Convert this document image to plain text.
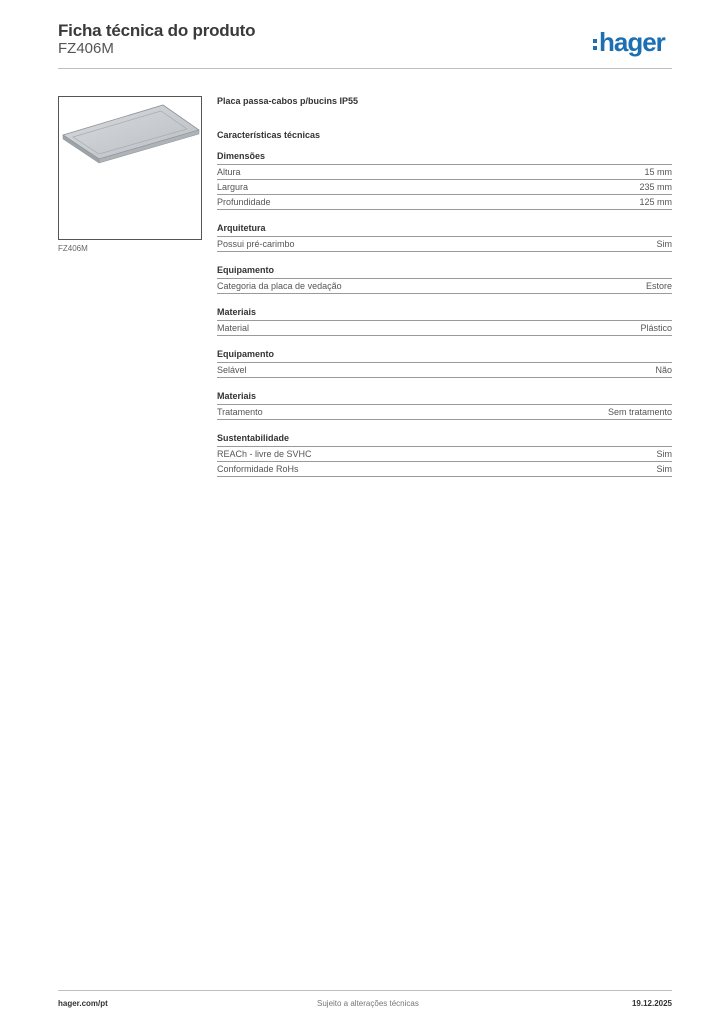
Ficha técnica do produto
FZ406M	hager
FZ406M
Placa passa-cabos p/bucins IP55
Características técnicas
Dimensões
Altura	15 mm
Largura	235 mm
Profundidade	125 mm
Arquitetura
Possui pré-carimbo	Sim
Equipamento
Categoria da placa de vedação	Estore
Materiais
Material	Plástico
Equipamento
Selável	Não
Materiais
Tratamento	Sem tratamento
Sustentabilidade
REACh - livre de SVHC	Sim
Conformidade RoHs	Sim
hager.com/pt	Sujeito a alterações técnicas	19.12.2025
